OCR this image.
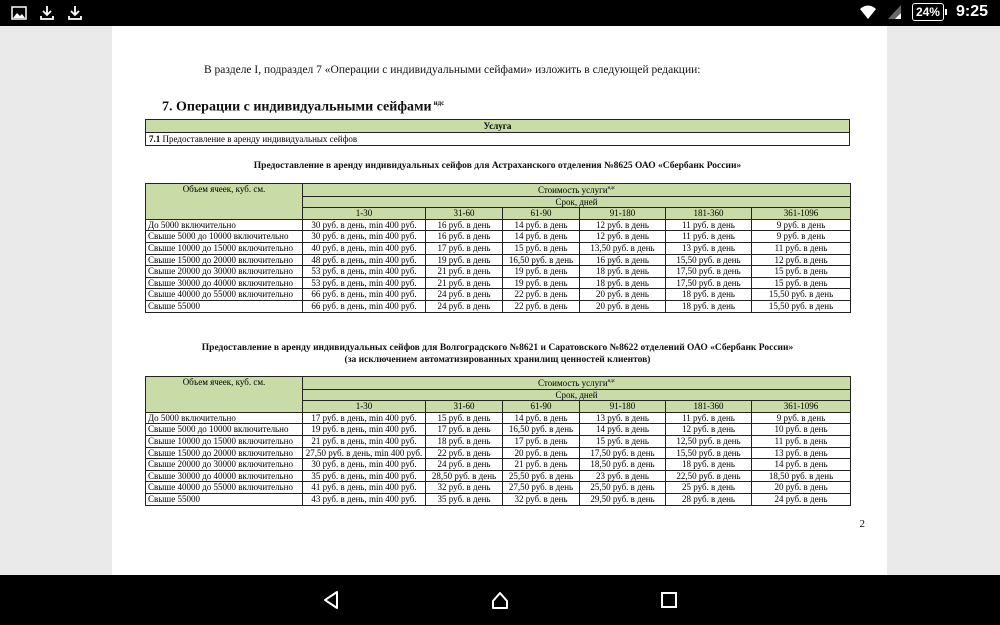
24% 9:25
В разделе I, подраздел 7 «Операции с индивидуальными сейфами» изложить в следующей редакции:
7. Операции с индивидуальными сейфами $^{ндс}$
Услуга
7.1 Предоставление в аренду индивидуальных сейфов
Предоставление в аренду индивидуальных сейфов для Астраханского отделения №8625 ОАО «Сбербанк России»
Объем ячеек, куб. см.	Стоимость услуги$^{ндс}$
	Срок, дней					
	1-30	31-60	61-90	91-180	181-360	361-1096
До 5000 включительно	30 руб. в день, min 400 руб.	16 руб. в день	14 руб. в день	12 руб. в день	11 руб. в день	9 руб. в день
Свыше 5000 до 10000 включительно	30 руб. в день, min 400 руб.	16 руб. в день	14 руб. в день	12 руб. в день	11 руб. в день	9 руб. в день
Свыше 10000 до 15000 включительно	40 руб. в день, min 400 руб.	17 руб. в день	15 руб. в день	13,50 руб. в день	13 руб. в день	11 руб. в день
Свыше 15000 до 20000 включительно	48 руб. в день, min 400 руб.	19 руб. в день	16,50 руб. в день	16 руб. в день	15,50 руб. в день	12 руб. в день
Свыше 20000 до 30000 включительно	53 руб. в день, min 400 руб.	21 руб. в день	19 руб. в день	18 руб. в день	17,50 руб. в день	15 руб. в день
Свыше 30000 до 40000 включительно	53 руб. в день, min 400 руб.	21 руб. в день	19 руб. в день	18 руб. в день	17,50 руб. в день	15 руб. в день
Свыше 40000 до 55000 включительно	66 руб. в день, min 400 руб.	24 руб. в день	22 руб. в день	20 руб. в день	18 руб. в день	15,50 руб. в день
Свыше 55000	66 руб. в день, min 400 руб.	24 руб. в день	22 руб. в день	20 руб. в день	18 руб. в день	15,50 руб. в день
Предоставление в аренду индивидуальных сейфов для Волгоградского №8621 и Саратовского №8622 отделений ОАО «Сбербанк России»
(за исключением автоматизированных хранилищ ценностей клиентов)
Объем ячеек, куб. см.	Стоимость услуги$^{ндс}$
	Срок, дней					
	1-30	31-60	61-90	91-180	181-360	361-1096
До 5000 включительно	17 руб. в день, min 400 руб.	15 руб. в день	14 руб. в день	13 руб. в день	11 руб. в день	9 руб. в день
Свыше 5000 до 10000 включительно	19 руб. в день, min 400 руб.	17 руб. в день	16,50 руб. в день	14 руб. в день	12 руб. в день	10 руб. в день
Свыше 10000 до 15000 включительно	21 руб. в день, min 400 руб.	18 руб. в день	17 руб. в день	15 руб. в день	12,50 руб. в день	11 руб. в день
Свыше 15000 до 20000 включительно	27,50 руб. в день, min 400 руб.	22 руб. в день	20 руб. в день	17,50 руб. в день	15,50 руб. в день	13 руб. в день
Свыше 20000 до 30000 включительно	30 руб. в день, min 400 руб.	24 руб. в день	21 руб. в день	18,50 руб. в день	18 руб. в день	14 руб. в день
Свыше 30000 до 40000 включительно	35 руб. в день, min 400 руб.	28,50 руб. в день	25,50 руб. в день	23 руб. в день	22,50 руб. в день	18,50 руб. в день
Свыше 40000 до 55000 включительно	41 руб. в день, min 400 руб.	32 руб. в день	27,50 руб. в день	25,50 руб. в день	25 руб. в день	20 руб. в день
Свыше 55000	43 руб. в день, min 400 руб.	35 руб. в день	32 руб. в день	29,50 руб. в день	28 руб. в день	24 руб. в день
2
